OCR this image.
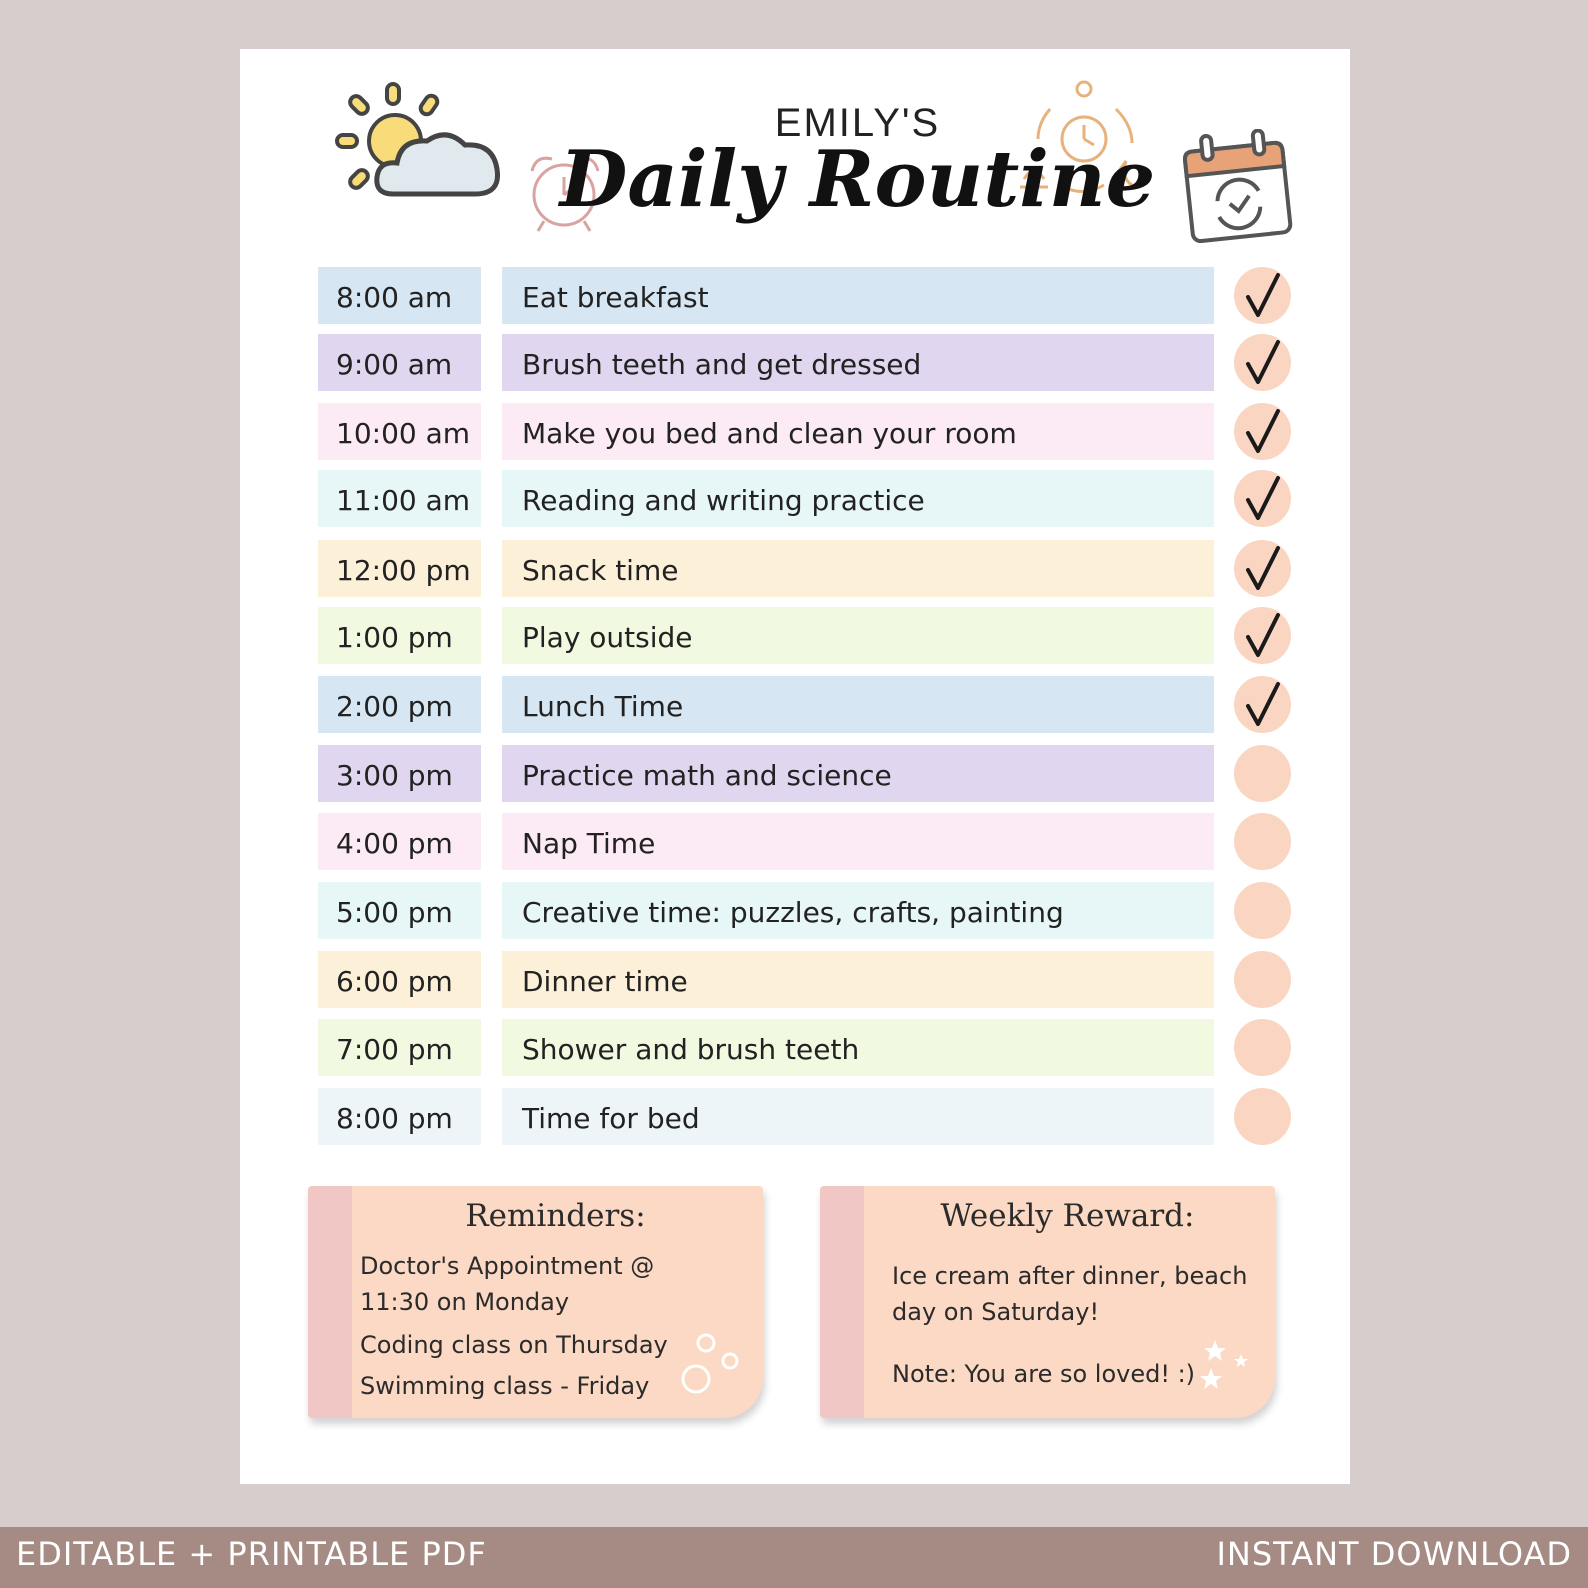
EMILY'S
Daily Routine
8:00 am	Eat breakfast
9:00 am	Brush teeth and get dressed
10:00 am	Make you bed and clean your room
11:00 am	Reading and writing practice
12:00 pm	Snack time
1:00 pm	Play outside
2:00 pm	Lunch Time
3:00 pm	Practice math and science
4:00 pm	Nap Time
5:00 pm	Creative time: puzzles, crafts, painting
6:00 pm	Dinner time
7:00 pm	Shower and brush teeth
8:00 pm	Time for bed
Reminders:

Doctor's Appointment @

11:30 on Monday

Coding class on Thursday

Swimming class - Friday

Weekly Reward:

Ice cream after dinner, beach

day on Saturday!

Note: You are so loved! :)

EDITABLE + PRINTABLE PDF	INSTANT DOWNLOAD
